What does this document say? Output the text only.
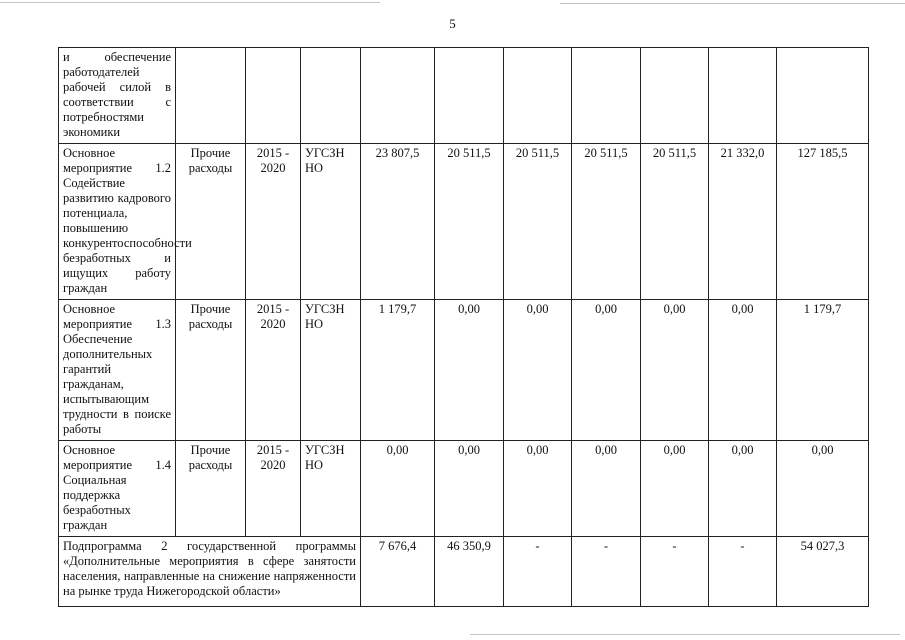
5
и обеспечение работодателей рабочей силой в соответствии с потребностями экономики										
Основное мероприятие 1.2 Содействие развитию кадрового потенциала, повышению конкурентоспособности безработных и ищущих работу граждан	Прочие расходы	2015 - 2020	УГСЗН НО	23 807,5	20 511,5	20 511,5	20 511,5	20 511,5	21 332,0	127 185,5
Основное мероприятие 1.3 Обеспечение дополнительных гарантий гражданам, испытывающим трудности в поиске работы	Прочие расходы	2015 - 2020	УГСЗН НО	1 179,7	0,00	0,00	0,00	0,00	0,00	1 179,7
Основное мероприятие 1.4 Социальная поддержка безработных граждан	Прочие расходы	2015 - 2020	УГСЗН НО	0,00	0,00	0,00	0,00	0,00	0,00	0,00
Подпрограмма 2 государственной программы «Дополнительные мероприятия в сфере занятости населения, направленные на снижение напряженности на рынке труда Нижегородской области»				7 676,4	46 350,9	-	-	-	-	54 027,3
